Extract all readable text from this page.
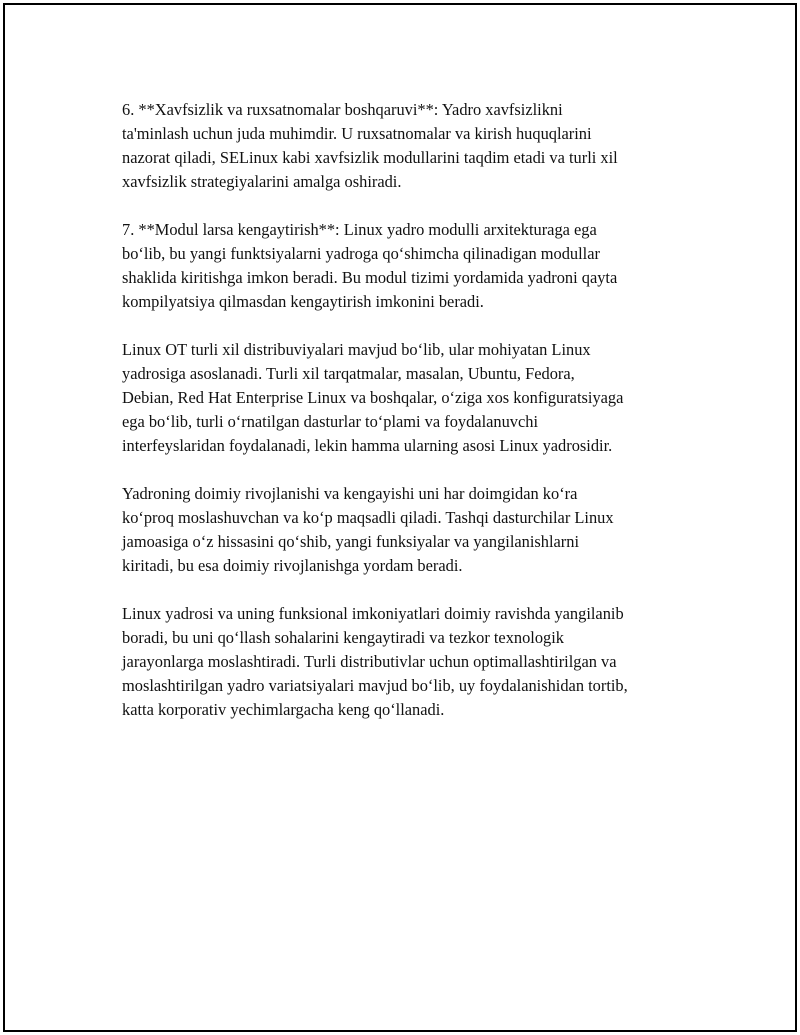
6. **Xavfsizlik va ruxsatnomalar boshqaruvi**: Yadro xavfsizlikni
ta'minlash uchun juda muhimdir. U ruxsatnomalar va kirish huquqlarini
nazorat qiladi, SELinux kabi xavfsizlik modullarini taqdim etadi va turli xil
xavfsizlik strategiyalarini amalga oshiradi.

7. **Modul larsa kengaytirish**: Linux yadro modulli arxitekturaga ega
bo‘lib, bu yangi funktsiyalarni yadroga qo‘shimcha qilinadigan modullar
shaklida kiritishga imkon beradi. Bu modul tizimi yordamida yadroni qayta
kompilyatsiya qilmasdan kengaytirish imkonini beradi.

Linux OT turli xil distribuviyalari mavjud bo‘lib, ular mohiyatan Linux
yadrosiga asoslanadi. Turli xil tarqatmalar, masalan, Ubuntu, Fedora,
Debian, Red Hat Enterprise Linux va boshqalar, o‘ziga xos konfiguratsiyaga
ega bo‘lib, turli o‘rnatilgan dasturlar to‘plami va foydalanuvchi
interfeyslaridan foydalanadi, lekin hamma ularning asosi Linux yadrosidir.

Yadroning doimiy rivojlanishi va kengayishi uni har doimgidan ko‘ra
ko‘proq moslashuvchan va ko‘p maqsadli qiladi. Tashqi dasturchilar Linux
jamoasiga o‘z hissasini qo‘shib, yangi funksiyalar va yangilanishlarni
kiritadi, bu esa doimiy rivojlanishga yordam beradi.

Linux yadrosi va uning funksional imkoniyatlari doimiy ravishda yangilanib
boradi, bu uni qo‘llash sohalarini kengaytiradi va tezkor texnologik
jarayonlarga moslashtiradi. Turli distributivlar uchun optimallashtirilgan va
moslashtirilgan yadro variatsiyalari mavjud bo‘lib, uy foydalanishidan tortib,
katta korporativ yechimlargacha keng qo‘llanadi.
